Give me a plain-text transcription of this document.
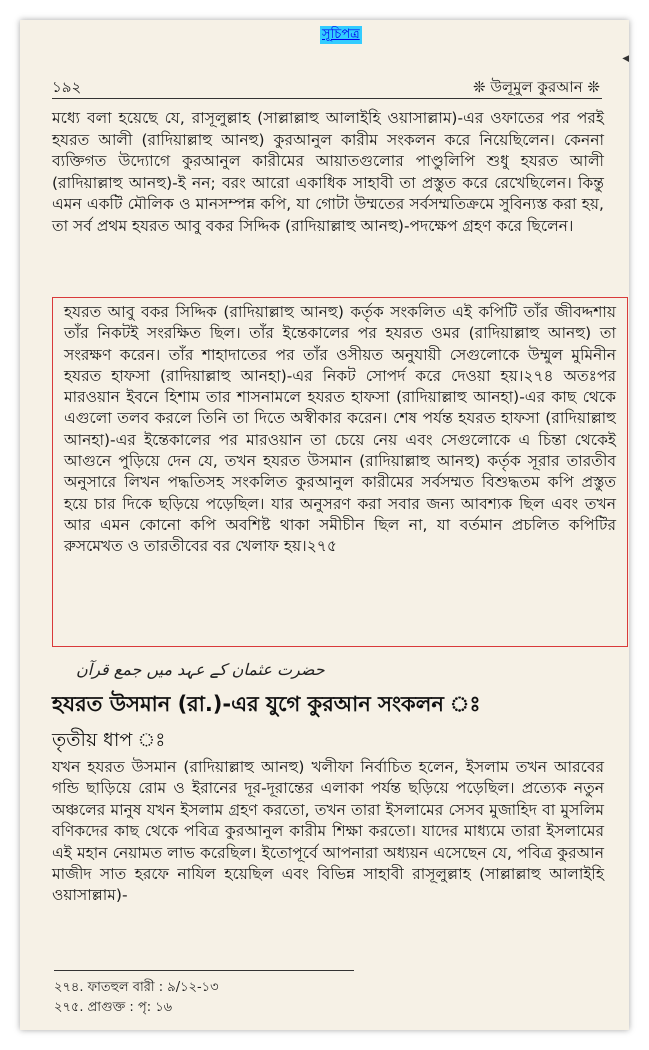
১৯২	❊ উলূমুল কুরআন ❊

মধ্যে বলা হয়েছে যে, রাসূলুল্লাহ (সাল্লাল্লাহু আলাইহি ওয়াসাল্লাম)-এর ওফাতের পর পরই হযরত আলী (রাদিয়াল্লাহু আনহু) কুরআনুল কারীম সংকলন করে নিয়েছিলেন। কেননা ব্যক্তিগত উদ্যোগে কুরআনুল কারীমের আয়াতগুলোর পাণ্ডুলিপি শুধু হযরত আলী (রাদিয়াল্লাহু আনহু)-ই নন; বরং আরো একাধিক সাহাবী তা প্রস্তুত করে রেখেছিলেন। কিন্তু এমন একটি মৌলিক ও মানসম্পন্ন কপি, যা গোটা উম্মতের সর্বসম্মতিক্রমে সুবিন্যস্ত করা হয়, তা সর্ব প্রথম হযরত আবু বকর সিদ্দিক (রাদিয়াল্লাহু আনহু)-পদক্ষেপ গ্রহণ করে ছিলেন।

হযরত আবু বকর সিদ্দিক (রাদিয়াল্লাহু আনহু) কর্তৃক সংকলিত এই কপিটি তাঁর জীবদ্দশায় তাঁর নিকটই সংরক্ষিত ছিল। তাঁর ইন্তেকালের পর হযরত ওমর (রাদিয়াল্লাহু আনহু) তা সংরক্ষণ করেন। তাঁর শাহাদাতের পর তাঁর ওসীয়ত অনুযায়ী সেগুলোকে উম্মুল মুমিনীন হযরত হাফসা (রাদিয়াল্লাহু আনহা)-এর নিকট সোপর্দ করে দেওয়া হয়।২৭৪ অতঃপর মারওয়ান ইবনে হিশাম তার শাসনামলে হযরত হাফসা (রাদিয়াল্লাহু আনহা)-এর কাছ থেকে এগুলো তলব করলে তিনি তা দিতে অস্বীকার করেন। শেষ পর্যন্ত হযরত হাফসা (রাদিয়াল্লাহু আনহা)-এর ইন্তেকালের পর মারওয়ান তা চেয়ে নেয় এবং সেগুলোকে এ চিন্তা থেকেই আগুনে পুড়িয়ে দেন যে, তখন হযরত উসমান (রাদিয়াল্লাহু আনহু) কর্তৃক সূরার তারতীব অনুসারে লিখন পদ্ধতিসহ সংকলিত কুরআনুল কারীমের সর্বসম্মত বিশুদ্ধতম কপি প্রস্তুত হয়ে চার দিকে ছড়িয়ে পড়েছিল। যার অনুসরণ করা সবার জন্য আবশ্যক ছিল এবং তখন আর এমন কোনো কপি অবশিষ্ট থাকা সমীচীন ছিল না, যা বর্তমান প্রচলিত কপিটির রুসমেখত ও তারতীবের বর খেলাফ হয়।২৭৫

حضرت عثمان کے عہد میں جمع قرآن
হযরত উসমান (রা.)-এর যুগে কুরআন সংকলন ঃ
তৃতীয় ধাপ ঃ

যখন হযরত উসমান (রাদিয়াল্লাহু আনহু) খলীফা নির্বাচিত হলেন, ইসলাম তখন আরবের গন্ডি ছাড়িয়ে রোম ও ইরানের দূর-দূরান্তের এলাকা পর্যন্ত ছড়িয়ে পড়েছিল। প্রত্যেক নতুন অঞ্চলের মানুষ যখন ইসলাম গ্রহণ করতো, তখন তারা ইসলামের সেসব মুজাহিদ বা মুসলিম বণিকদের কাছ থেকে পবিত্র কুরআনুল কারীম শিক্ষা করতো। যাদের মাধ্যমে তারা ইসলামের এই মহান নেয়ামত লাভ করেছিল। ইতোপূর্বে আপনারা অধ্যয়ন এসেছেন যে, পবিত্র কুরআন মাজীদ সাত হরফে নাযিল হয়েছিল এবং বিভিন্ন সাহাবী রাসূলুল্লাহ (সাল্লাল্লাহু আলাইহি ওয়াসাল্লাম)-

২৭৪. ফাতহুল বারী : ৯/১২-১৩
২৭৫. প্রাগুক্ত : পৃ: ১৬
সূচিপত্র
